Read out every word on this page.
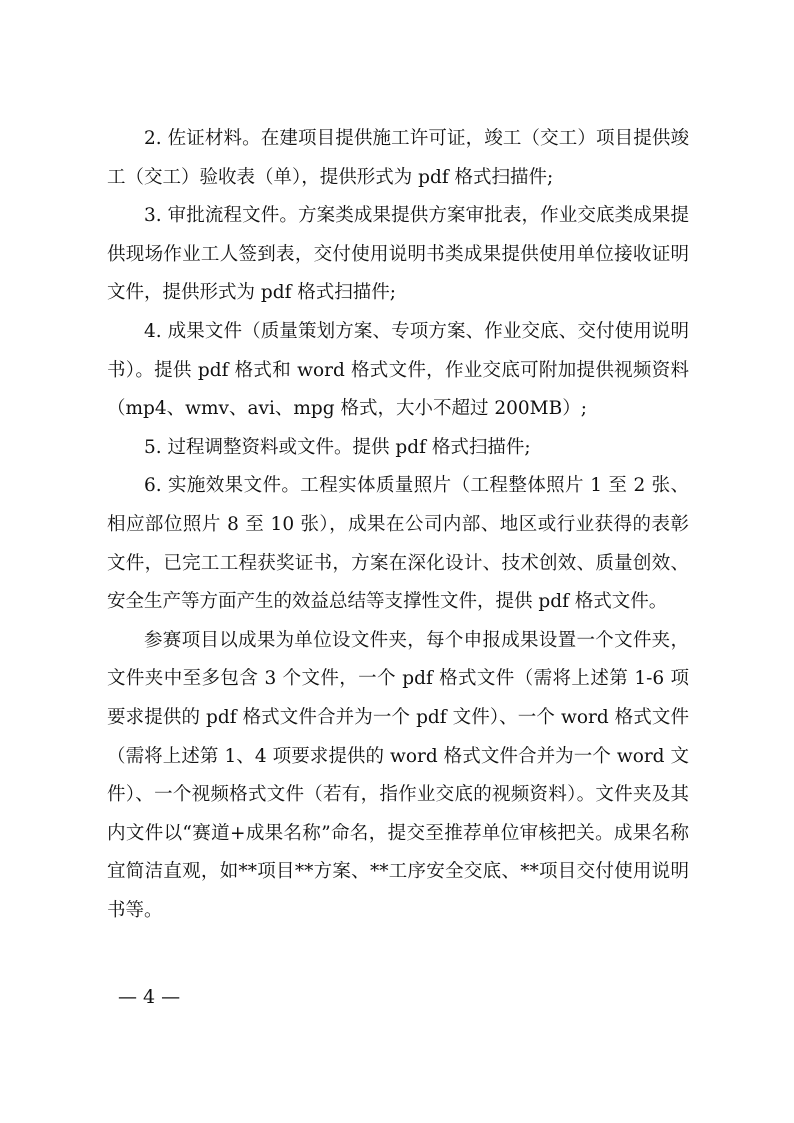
2. 佐证材料。在建项目提供施工许可证，竣工（交工）项目提供竣工（交工）验收表（单），提供形式为 pdf 格式扫描件;

3. 审批流程文件。方案类成果提供方案审批表，作业交底类成果提供现场作业工人签到表，交付使用说明书类成果提供使用单位接收证明文件，提供形式为 pdf 格式扫描件;

4. 成果文件（质量策划方案、专项方案、作业交底、交付使用说明书）。提供 pdf 格式和 word 格式文件，作业交底可附加提供视频资料（mp4、wmv、avi、mpg 格式，大小不超过 200MB）;

5. 过程调整资料或文件。提供 pdf 格式扫描件;

6. 实施效果文件。工程实体质量照片（工程整体照片 1 至 2 张、相应部位照片 8 至 10 张），成果在公司内部、地区或行业获得的表彰文件，已完工工程获奖证书，方案在深化设计、技术创效、质量创效、安全生产等方面产生的效益总结等支撑性文件，提供 pdf 格式文件。

参赛项目以成果为单位设文件夹，每个申报成果设置一个文件夹，文件夹中至多包含 3 个文件，一个 pdf 格式文件（需将上述第 1-6 项要求提供的 pdf 格式文件合并为一个 pdf 文件）、一个 word 格式文件（需将上述第 1、4 项要求提供的 word 格式文件合并为一个 word 文件）、一个视频格式文件（若有，指作业交底的视频资料）。文件夹及其内文件以“赛道+成果名称”命名，提交至推荐单位审核把关。成果名称宜简洁直观，如**项目**方案、**工序安全交底、**项目交付使用说明书等。

— 4 —
